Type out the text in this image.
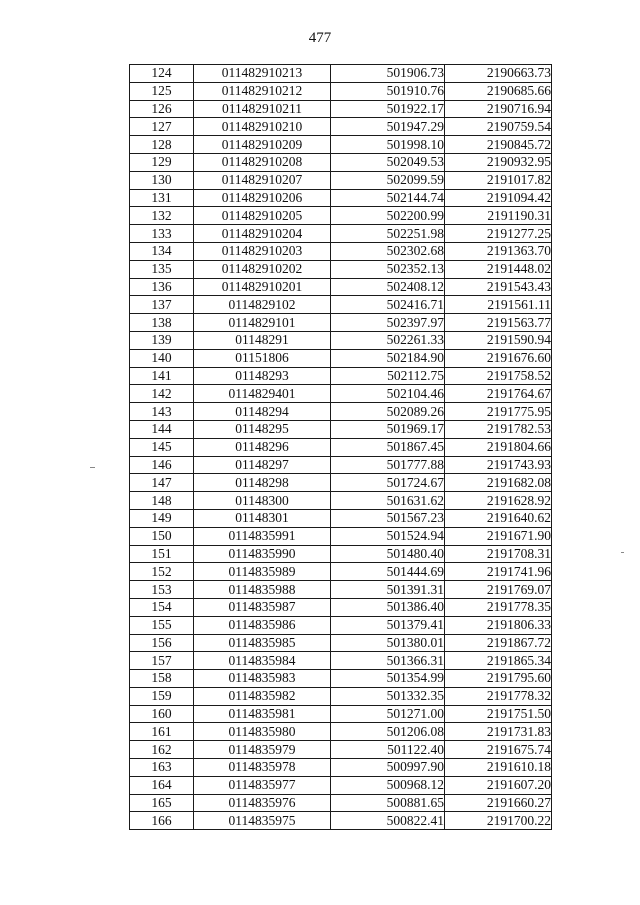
477
124	011482910213	501906.73	2190663.73
125	011482910212	501910.76	2190685.66
126	011482910211	501922.17	2190716.94
127	011482910210	501947.29	2190759.54
128	011482910209	501998.10	2190845.72
129	011482910208	502049.53	2190932.95
130	011482910207	502099.59	2191017.82
131	011482910206	502144.74	2191094.42
132	011482910205	502200.99	2191190.31
133	011482910204	502251.98	2191277.25
134	011482910203	502302.68	2191363.70
135	011482910202	502352.13	2191448.02
136	011482910201	502408.12	2191543.43
137	0114829102	502416.71	2191561.11
138	0114829101	502397.97	2191563.77
139	01148291	502261.33	2191590.94
140	01151806	502184.90	2191676.60
141	01148293	502112.75	2191758.52
142	0114829401	502104.46	2191764.67
143	01148294	502089.26	2191775.95
144	01148295	501969.17	2191782.53
145	01148296	501867.45	2191804.66
146	01148297	501777.88	2191743.93
147	01148298	501724.67	2191682.08
148	01148300	501631.62	2191628.92
149	01148301	501567.23	2191640.62
150	0114835991	501524.94	2191671.90
151	0114835990	501480.40	2191708.31
152	0114835989	501444.69	2191741.96
153	0114835988	501391.31	2191769.07
154	0114835987	501386.40	2191778.35
155	0114835986	501379.41	2191806.33
156	0114835985	501380.01	2191867.72
157	0114835984	501366.31	2191865.34
158	0114835983	501354.99	2191795.60
159	0114835982	501332.35	2191778.32
160	0114835981	501271.00	2191751.50
161	0114835980	501206.08	2191731.83
162	0114835979	501122.40	2191675.74
163	0114835978	500997.90	2191610.18
164	0114835977	500968.12	2191607.20
165	0114835976	500881.65	2191660.27
166	0114835975	500822.41	2191700.22
